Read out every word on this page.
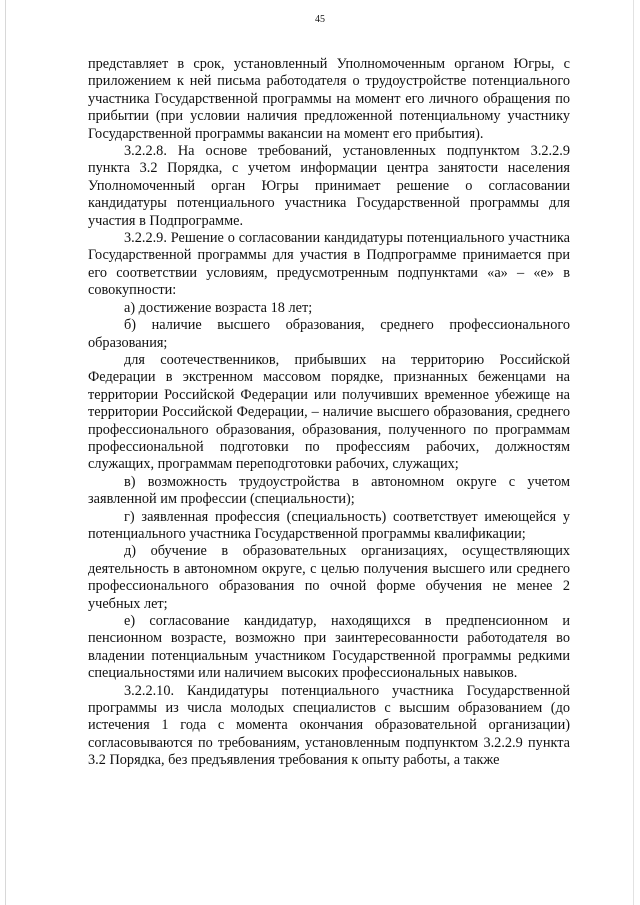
45

представляет в срок, установленный Уполномоченным органом Югры, с приложением к ней письма работодателя о трудоустройстве потенциального участника Государственной программы на момент его личного обращения по прибытии (при условии наличия предложенной потенциальному участнику Государственной программы вакансии на момент его прибытия).

3.2.2.8. На основе требований, установленных подпунктом 3.2.2.9 пункта 3.2 Порядка, с учетом информации центра занятости населения Уполномоченный орган Югры принимает решение о согласовании кандидатуры потенциального участника Государственной программы для участия в Подпрограмме.

3.2.2.9. Решение о согласовании кандидатуры потенциального участника Государственной программы для участия в Подпрограмме принимается при его соответствии условиям, предусмотренным подпунктами «а» – «е» в совокупности:

а) достижение возраста 18 лет;

б) наличие высшего образования, среднего профессионального образования;

для соотечественников, прибывших на территорию Российской Федерации в экстренном массовом порядке, признанных беженцами на территории Российской Федерации или получивших временное убежище на территории Российской Федерации, – наличие высшего образования, среднего профессионального образования, образования, полученного по программам профессиональной подготовки по профессиям рабочих, должностям служащих, программам переподготовки рабочих, служащих;

в) возможность трудоустройства в автономном округе с учетом заявленной им профессии (специальности);

г) заявленная профессия (специальность) соответствует имеющейся у потенциального участника Государственной программы квалификации;

д) обучение в образовательных организациях, осуществляющих деятельность в автономном округе, с целью получения высшего или среднего профессионального образования по очной форме обучения не менее 2 учебных лет;

е) согласование кандидатур, находящихся в предпенсионном и пенсионном возрасте, возможно при заинтересованности работодателя во владении потенциальным участником Государственной программы редкими специальностями или наличием высоких профессиональных навыков.

3.2.2.10. Кандидатуры потенциального участника Государственной программы из числа молодых специалистов с высшим образованием (до истечения 1 года с момента окончания образовательной организации) согласовываются по требованиям, установленным подпунктом 3.2.2.9 пункта 3.2 Порядка, без предъявления требования к опыту работы, а также
